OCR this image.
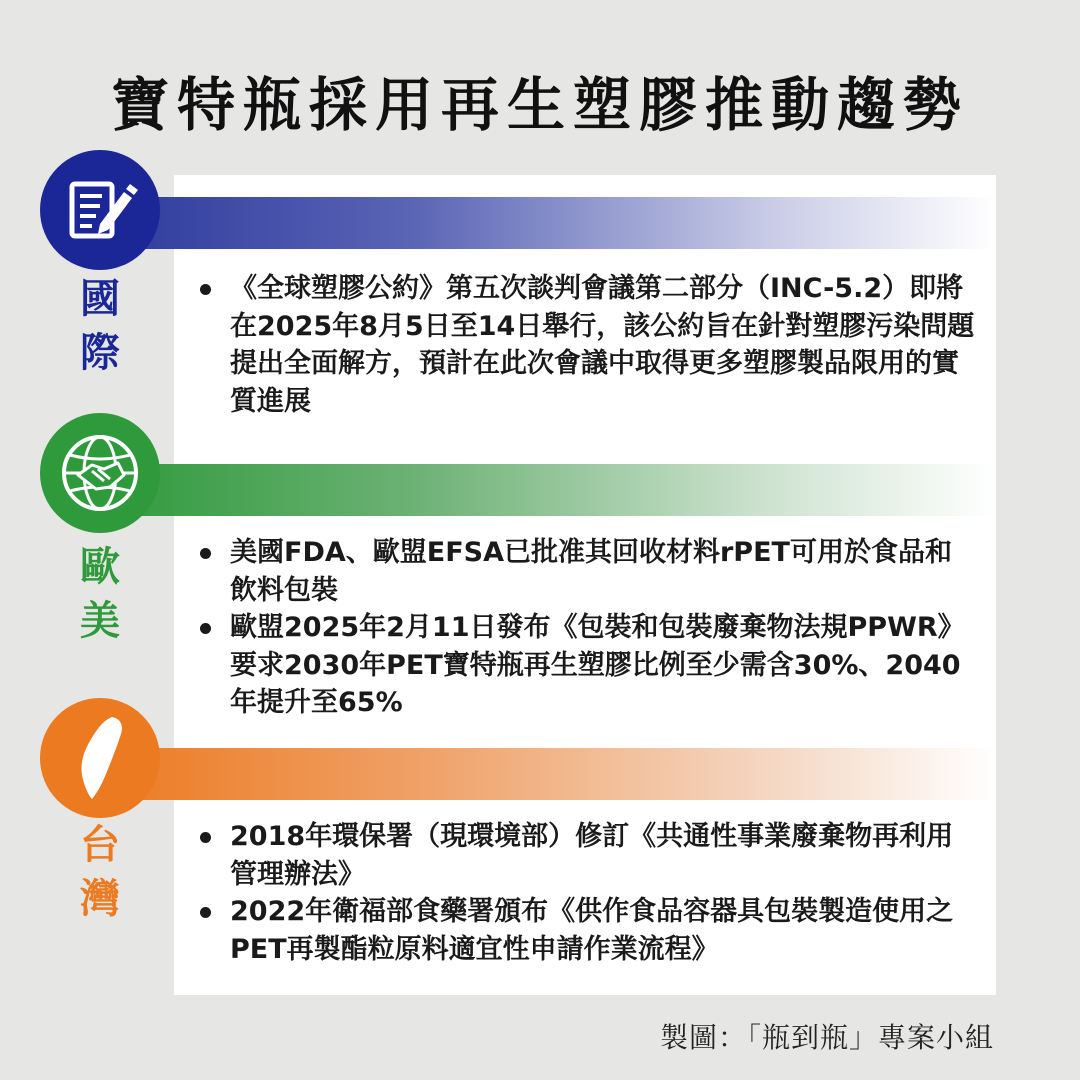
寶特瓶採用再生塑膠推動趨勢
國
際
《全球塑膠公約》第五次談判會議第二部分（INC-5.2）即將在2025年8月5日至14日舉行，該公約旨在針對塑膠污染問題提出全面解方，預計在此次會議中取得更多塑膠製品限用的實質進展
歐
美
美國FDA、歐盟EFSA已批准其回收材料rPET可用於食品和飲料包裝
歐盟2025年2月11日發布《包裝和包裝廢棄物法規PPWR》要求2030年PET寶特瓶再生塑膠比例至少需含30%、2040年提升至65%
台
灣
2018年環保署（現環境部）修訂《共通性事業廢棄物再利用管理辦法》
2022年衛福部食藥署頒布《供作食品容器具包裝製造使用之PET再製酯粒原料適宜性申請作業流程》
製圖：「瓶到瓶」專案小組
